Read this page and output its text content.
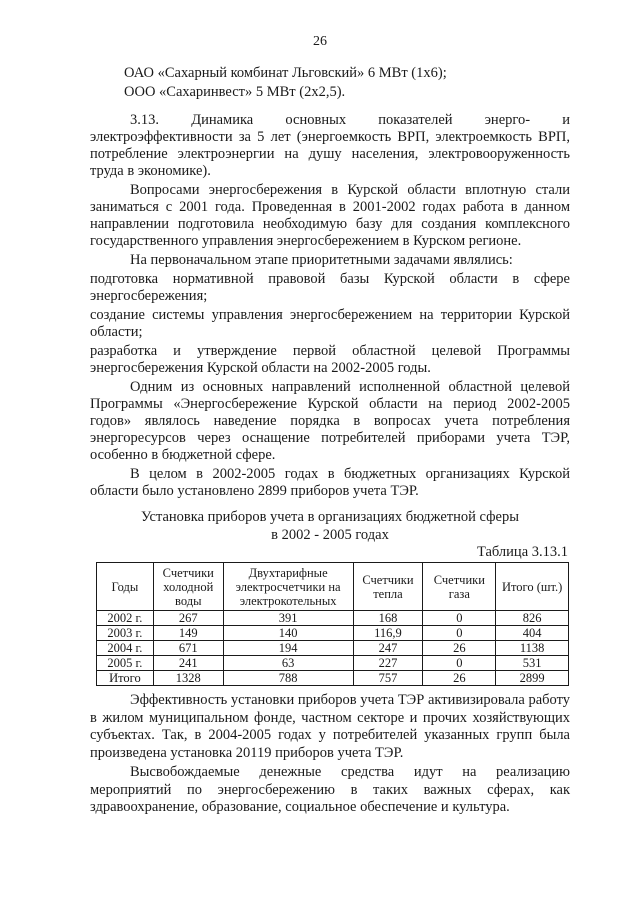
26
ОАО «Сахарный комбинат Льговский» 6 МВт (1х6);
ООО «Сахаринвест» 5 МВт (2х2,5).

3.13. Динамика основных показателей энерго- и электроэффективности за 5 лет (энергоемкость ВРП, электроемкость ВРП, потребление электроэнергии на душу населения, электровооруженность труда в экономике).

Вопросами энергосбережения в Курской области вплотную стали заниматься с 2001 года. Проведенная в 2001-2002 годах работа в данном направлении подготовила необходимую базу для создания комплексного государственного управления энергосбережением в Курском регионе.

На первоначальном этапе приоритетными задачами являлись:

подготовка нормативной правовой базы Курской области в сфере энергосбережения;

создание системы управления энергосбережением на территории Курской области;

разработка и утверждение первой областной целевой Программы энергосбережения Курской области на 2002-2005 годы.

Одним из основных направлений исполненной областной целевой Программы «Энергосбережение Курской области на период 2002-2005 годов» являлось наведение порядка в вопросах учета потребления энергоресурсов через оснащение потребителей приборами учета ТЭР, особенно в бюджетной сфере.

В целом в 2002-2005 годах в бюджетных организациях Курской области было установлено 2899 приборов учета ТЭР.

Установка приборов учета в организациях бюджетной сферы
в 2002 - 2005 годах
Таблица 3.13.1
Годы	Счетчики холодной воды	Двухтарифные электросчетчики на электрокотельных	Счетчики тепла	Счетчики газа	Итого (шт.)
2002 г.	267	391	168	0	826
2003 г.	149	140	116,9	0	404
2004 г.	671	194	247	26	1138
2005 г.	241	63	227	0	531
Итого	1328	788	757	26	2899

Эффективность установки приборов учета ТЭР активизировала работу в жилом муниципальном фонде, частном секторе и прочих хозяйствующих субъектах. Так, в 2004-2005 годах у потребителей указанных групп была произведена установка 20119 приборов учета ТЭР.

Высвобождаемые денежные средства идут на реализацию мероприятий по энергосбережению в таких важных сферах, как здравоохранение, образование, социальное обеспечение и культура.
